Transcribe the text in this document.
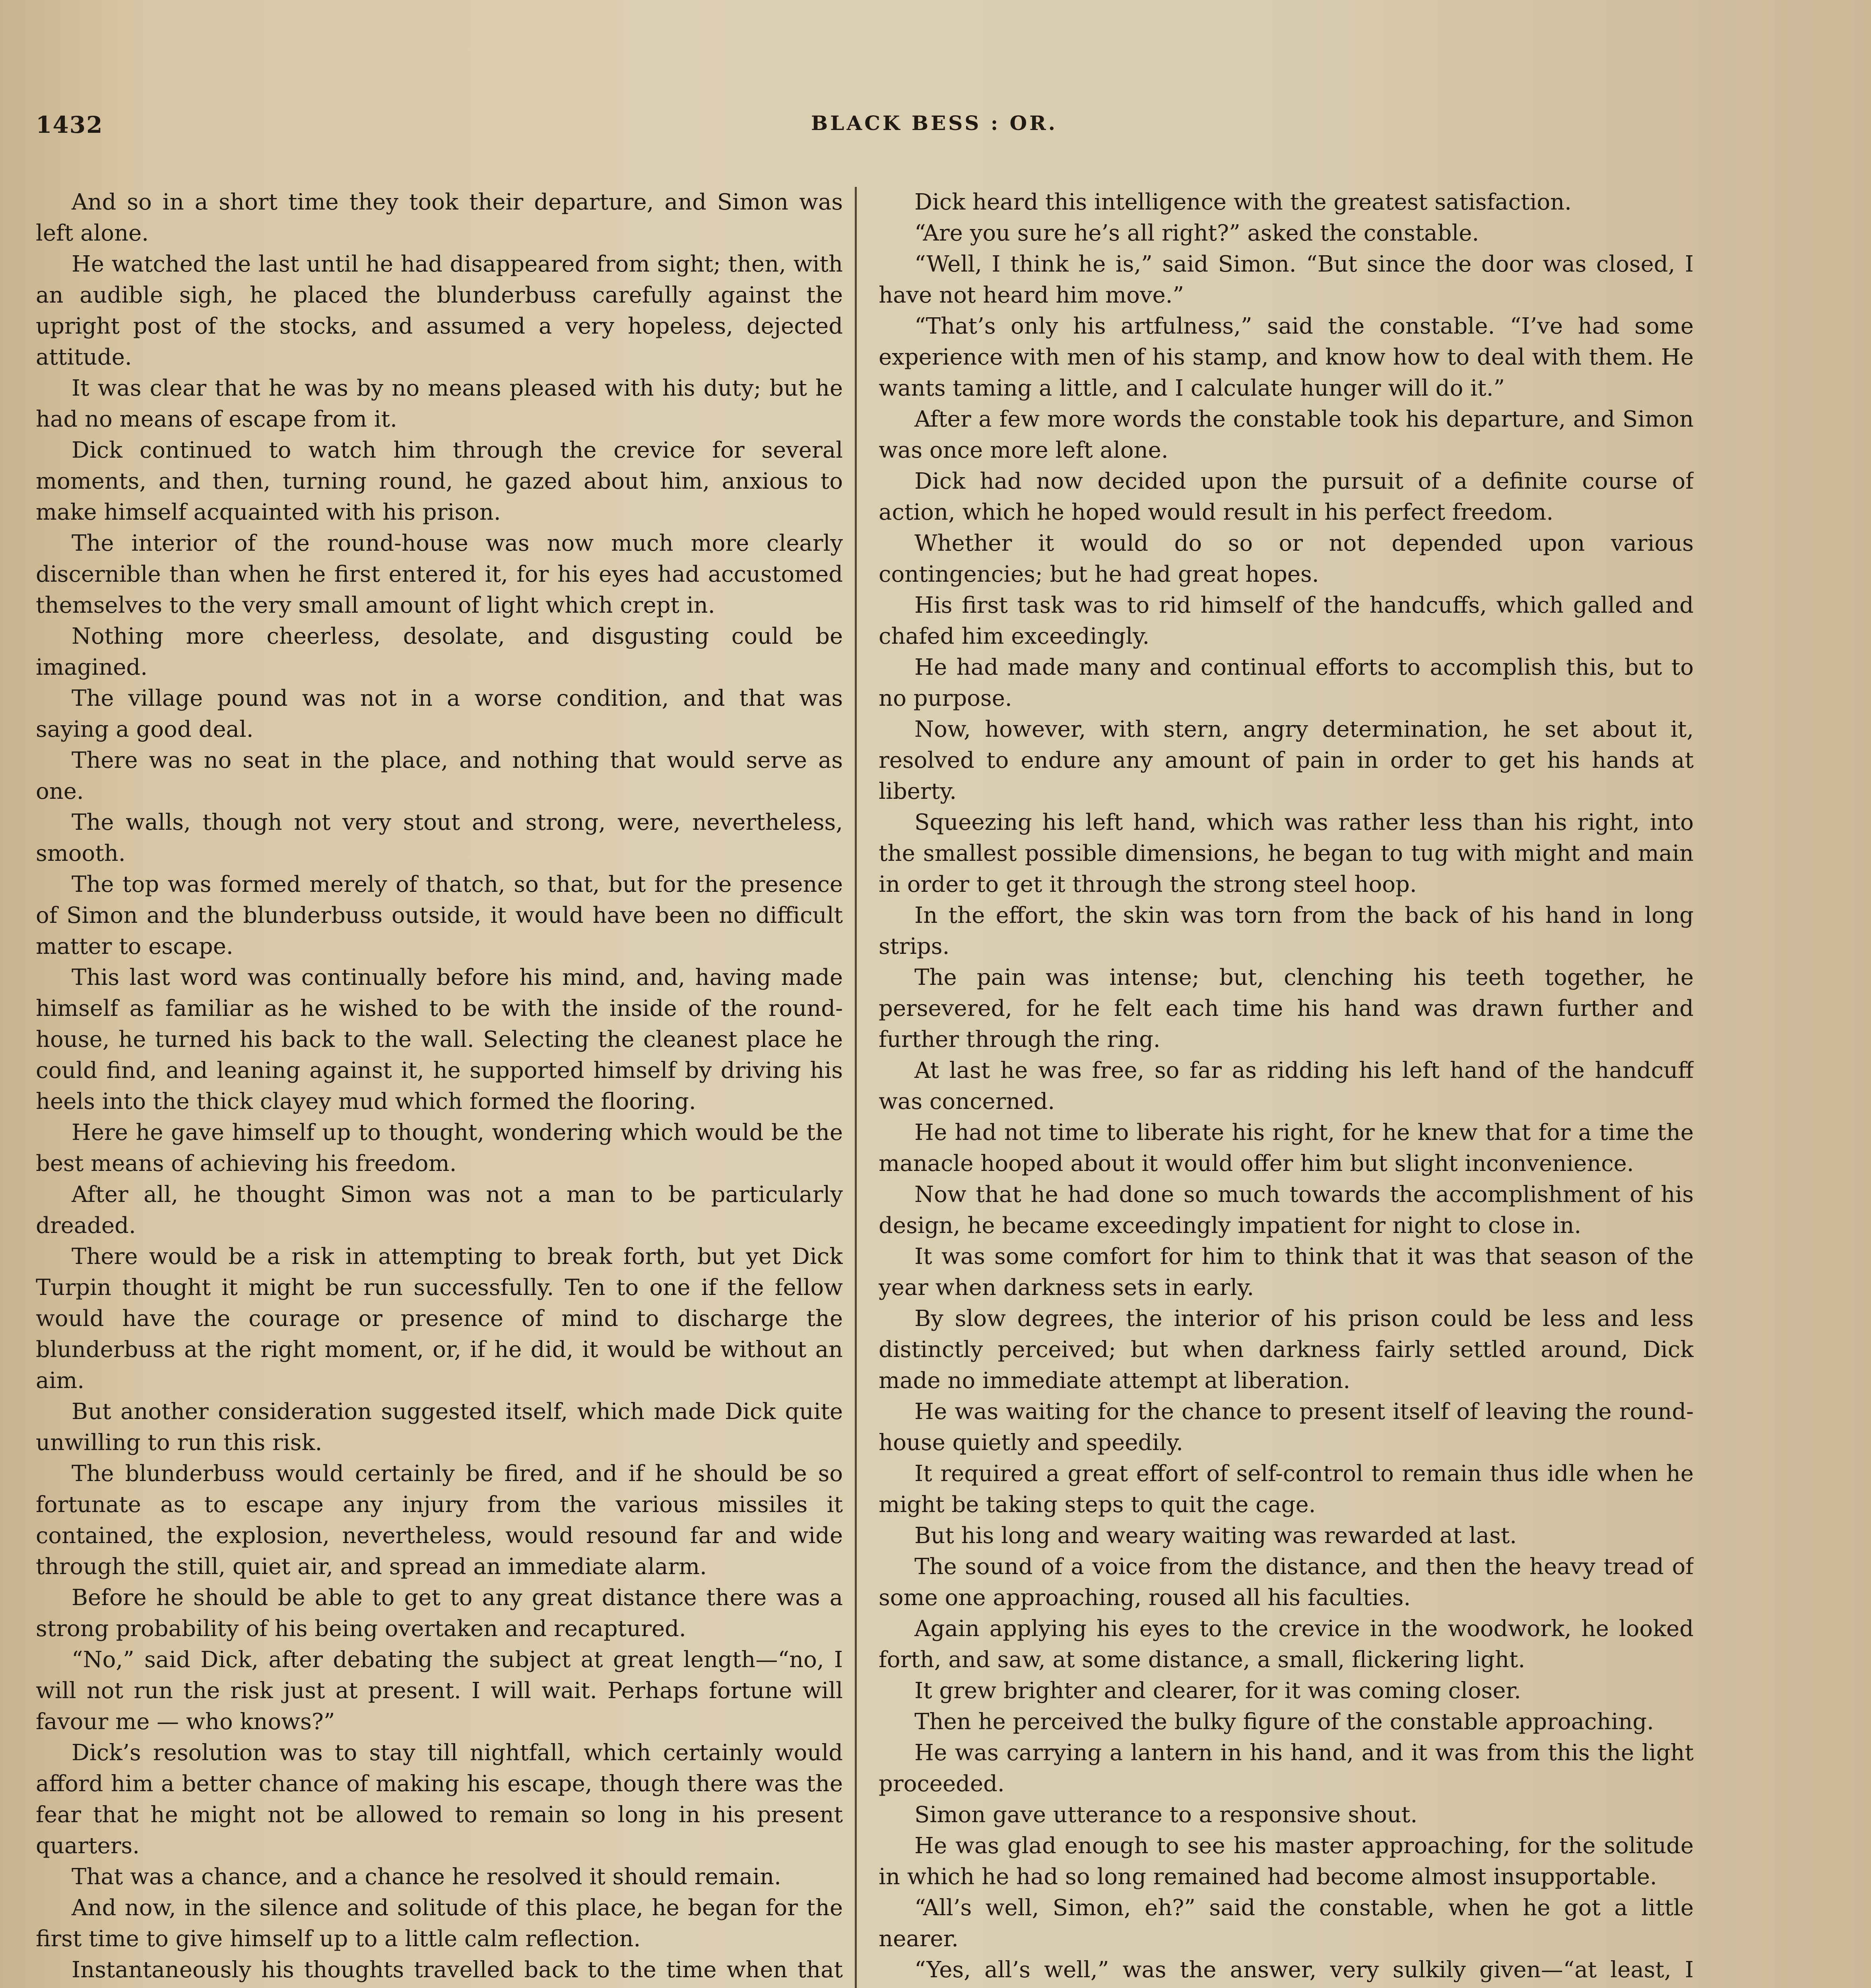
1432	BLACK BESS : OR.

And so in a short time they took their departure, and Simon was left alone.

He watched the last until he had disappeared from sight; then, with an audible sigh, he placed the blunderbuss carefully against the upright post of the stocks, and assumed a very hopeless, dejected attitude.

It was clear that he was by no means pleased with his duty; but he had no means of escape from it.

Dick continued to watch him through the crevice for several moments, and then, turning round, he gazed about him, anxious to make himself acquainted with his prison.

The interior of the round-house was now much more clearly discernible than when he first entered it, for his eyes had accustomed themselves to the very small amount of light which crept in.

Nothing more cheerless, desolate, and disgusting could be imagined.

The village pound was not in a worse condition, and that was saying a good deal.

There was no seat in the place, and nothing that would serve as one.

The walls, though not very stout and strong, were, nevertheless, smooth.

The top was formed merely of thatch, so that, but for the presence of Simon and the blunderbuss outside, it would have been no difficult matter to escape.

This last word was continually before his mind, and, having made himself as familiar as he wished to be with the inside of the round-house, he turned his back to the wall. Selecting the cleanest place he could find, and leaning against it, he supported himself by driving his heels into the thick clayey mud which formed the flooring.

Here he gave himself up to thought, wondering which would be the best means of achieving his freedom.

After all, he thought Simon was not a man to be particularly dreaded.

There would be a risk in attempting to break forth, but yet Dick Turpin thought it might be run successfully. Ten to one if the fellow would have the courage or presence of mind to discharge the blunderbuss at the right moment, or, if he did, it would be without an aim.

But another consideration suggested itself, which made Dick quite unwilling to run this risk.

The blunderbuss would certainly be fired, and if he should be so fortunate as to escape any injury from the various missiles it contained, the explosion, nevertheless, would resound far and wide through the still, quiet air, and spread an immediate alarm.

Before he should be able to get to any great distance there was a strong probability of his being overtaken and recaptured.

“No,” said Dick, after debating the subject at great length—“no, I will not run the risk just at present. I will wait. Perhaps fortune will favour me — who knows?”

Dick’s resolution was to stay till nightfall, which certainly would afford him a better chance of making his escape, though there was the fear that he might not be allowed to remain so long in his present quarters.

That was a chance, and a chance he resolved it should remain.

And now, in the silence and solitude of this place, he began for the first time to give himself up to a little calm reflection.

Instantaneously his thoughts travelled back to the time when that

Dick heard this intelligence with the greatest satisfaction.

“Are you sure he’s all right?” asked the constable.

“Well, I think he is,” said Simon. “But since the door was closed, I have not heard him move.”

“That’s only his artfulness,” said the constable. “I’ve had some experience with men of his stamp, and know how to deal with them. He wants taming a little, and I calculate hunger will do it.”

After a few more words the constable took his departure, and Simon was once more left alone.

Dick had now decided upon the pursuit of a definite course of action, which he hoped would result in his perfect freedom.

Whether it would do so or not depended upon various contingencies; but he had great hopes.

His first task was to rid himself of the handcuffs, which galled and chafed him exceedingly.

He had made many and continual efforts to accomplish this, but to no purpose.

Now, however, with stern, angry determination, he set about it, resolved to endure any amount of pain in order to get his hands at liberty.

Squeezing his left hand, which was rather less than his right, into the smallest possible dimensions, he began to tug with might and main in order to get it through the strong steel hoop.

In the effort, the skin was torn from the back of his hand in long strips.

The pain was intense; but, clenching his teeth together, he persevered, for he felt each time his hand was drawn further and further through the ring.

At last he was free, so far as ridding his left hand of the handcuff was concerned.

He had not time to liberate his right, for he knew that for a time the manacle hooped about it would offer him but slight inconvenience.

Now that he had done so much towards the accomplishment of his design, he became exceedingly impatient for night to close in.

It was some comfort for him to think that it was that season of the year when darkness sets in early.

By slow degrees, the interior of his prison could be less and less distinctly perceived; but when darkness fairly settled around, Dick made no immediate attempt at liberation.

He was waiting for the chance to present itself of leaving the round-house quietly and speedily.

It required a great effort of self-control to remain thus idle when he might be taking steps to quit the cage.

But his long and weary waiting was rewarded at last.

The sound of a voice from the distance, and then the heavy tread of some one approaching, roused all his faculties.

Again applying his eyes to the crevice in the woodwork, he looked forth, and saw, at some distance, a small, flickering light.

It grew brighter and clearer, for it was coming closer.

Then he perceived the bulky figure of the constable approaching.

He was carrying a lantern in his hand, and it was from this the light proceeded.

Simon gave utterance to a responsive shout.

He was glad enough to see his master approaching, for the solitude in which he had so long remained had become almost insupportable.

“All’s well, Simon, eh?” said the constable, when he got a little nearer.

“Yes, all’s well,” was the answer, very sulkily given—“at least, I
